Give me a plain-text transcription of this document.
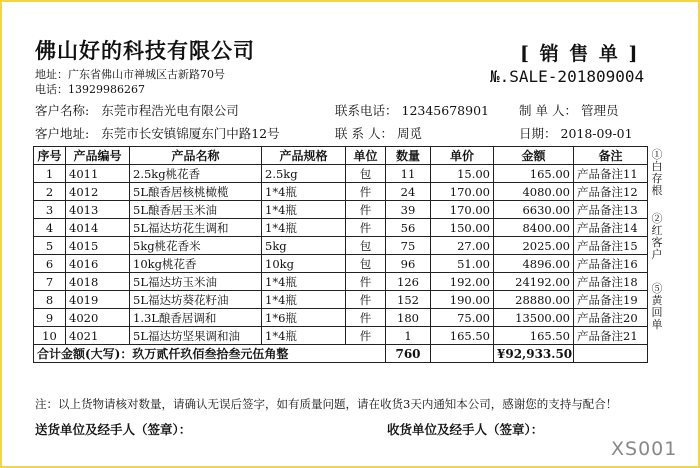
佛山好的科技有限公司
地址：广东省佛山市禅城区古新路70号
电话：13929986267
[ 销 售 单 ]
№.SALE-201809004
客户名称: 东莞市程浩光电有限公司
客户地址: 东莞市长安镇锦厦东门中路12号
联系电话： 12345678901
联 系 人： 周觅
制 单 人： 管理员
日期： 2018-09-01
序号	产品编号	产品名称	产品规格	单位	数量	单价	金额	备注
1	4011	2.5kg桃花香	2.5kg	包	11	15.00	165.00	产品备注11
2	4012	5L酿香居核桃橄榄	1*4瓶	件	24	170.00	4080.00	产品备注12
3	4013	5L酿香居玉米油	1*4瓶	件	39	170.00	6630.00	产品备注13
4	4014	5L福达坊花生调和	1*4瓶	件	56	150.00	8400.00	产品备注14
5	4015	5kg桃花香米	5kg	包	75	27.00	2025.00	产品备注15
6	4016	10kg桃花香	10kg	包	96	51.00	4896.00	产品备注16
7	4018	5L福达坊玉米油	1*4瓶	件	126	192.00	24192.00	产品备注18
8	4019	5L福达坊葵花籽油	1*4瓶	件	152	190.00	28880.00	产品备注19
9	4020	1.3L酿香居调和	1*6瓶	件	180	75.00	13500.00	产品备注20
10	4021	5L福达坊坚果调和油	1*4瓶	件	1	165.50	165.50	产品备注21
合计金额(大写)：玖万贰仟玖佰叁拾叁元伍角整					760		¥92,933.50	
①白存根
②红客户
⑤黄回单
注：以上货物请核对数量，请确认无误后签字，如有质量问题，请在收货3天内通知本公司，感谢您的支持与配合！
送货单位及经手人（签章）：	收货单位及经手人（签章）：
XS001
